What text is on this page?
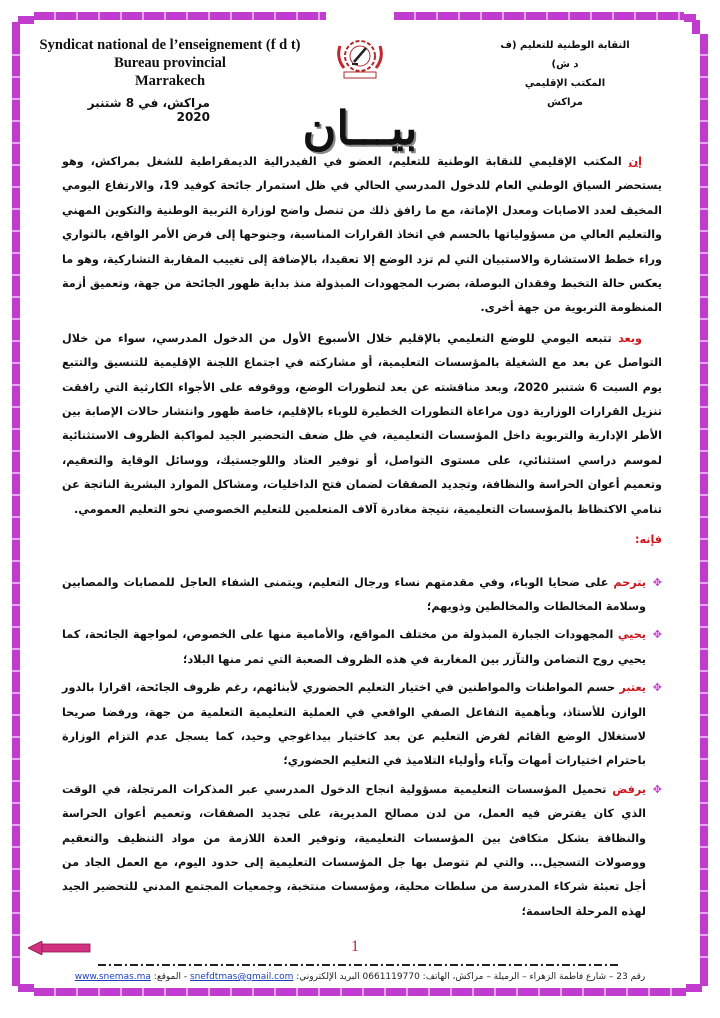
Syndicat national de l’enseignement (f d t)
Bureau provincial
Marrakech
مراكش، في 8 شتنبر 2020
النقابة الوطنية للتعليم (ف د ش)
المكتب الإقليمي
مراكش
بيـــان

إن المكتب الإقليمي للنقابة الوطنية للتعليم، العضو في الفيدرالية الديمقراطية للشغل بمراكش، وهو يستحضر السياق الوطني العام للدخول المدرسي الحالي في ظل استمرار جائحة كوفيد 19، والارتفاع اليومي المخيف لعدد الاصابات ومعدل الإماتة، مع ما رافق ذلك من تنصل واضح لوزارة التربية الوطنية والتكوين المهني والتعليم العالي من مسؤولياتها بالحسم في اتخاذ القرارات المناسبة، وجنوحها إلى فرض الأمر الواقع، بالتواري وراء خطط الاستشارة والاستبيان التي لم تزد الوضع إلا تعقيدا، بالإضافة إلى تغييب المقاربة التشاركية، وهو ما يعكس حالة التخبط وفقدان البوصلة، بضرب المجهودات المبذولة منذ بداية ظهور الجائحة من جهة، وتعميق أزمة المنظومة التربوية من جهة أخرى.

وبعد تتبعه اليومي للوضع التعليمي بالإقليم خلال الأسبوع الأول من الدخول المدرسي، سواء من خلال التواصل عن بعد مع الشغيلة بالمؤسسات التعليمية، أو مشاركته في اجتماع اللجنة الإقليمية للتنسيق والتتبع يوم السبت 6 شتنبر 2020، وبعد مناقشته عن بعد لتطورات الوضع، ووقوفه على الأجواء الكارثية التي رافقت تنزيل القرارات الوزارية دون مراعاة التطورات الخطيرة للوباء بالإقليم، خاصة ظهور وانتشار حالات الإصابة بين الأطر الإدارية والتربوية داخل المؤسسات التعليمية، في ظل ضعف التحضير الجيد لمواكبة الظروف الاستثنائية لموسم دراسي استثنائي، على مستوى التواصل، أو توفير العتاد واللوجستيك، ووسائل الوقاية والتعقيم، وتعميم أعوان الحراسة والنظافة، وتجديد الصفقات لضمان فتح الداخليات، ومشاكل الموارد البشرية الناتجة عن تنامي الاكتظاظ بالمؤسسات التعليمية، نتيجة مغادرة آلاف المتعلمين للتعليم الخصوصي نحو التعليم العمومي.

فإنه:

✥
يترحم على ضحايا الوباء، وفي مقدمتهم نساء ورجال التعليم، ويتمنى الشفاء العاجل للمصابات والمصابين وسلامة المخالطات والمخالطين وذويهم؛
✥
يحيي المجهودات الجبارة المبذولة من مختلف المواقع، والأمامية منها على الخصوص، لمواجهة الجائحة، كما يحيي روح التضامن والتآزر بين المغاربة في هذه الظروف الصعبة التي تمر منها البلاد؛
✥
يعتبر حسم المواطنات والمواطنين في اختيار التعليم الحضوري لأبنائهم، رغم ظروف الجائحة، اقرارا بالدور الوازن للأستاذ، وبأهمية التفاعل الصفي الواقعي في العملية التعليمية التعلمية من جهة، ورفضا صريحا لاستغلال الوضع القائم لفرض التعليم عن بعد كاختيار بيداغوجي وحيد، كما يسجل عدم التزام الوزارة باحترام اختيارات أمهات وآباء وأولياء التلاميذ في التعليم الحضوري؛
✥
يرفض تحميل المؤسسات التعليمية مسؤولية انجاح الدخول المدرسي عبر المذكرات المرتجلة، في الوقت الذي كان يفترض فيه العمل، من لدن مصالح المديرية، على تجديد الصفقات، وتعميم أعوان الحراسة والنظافة بشكل متكافئ بين المؤسسات التعليمية، وتوفير العدة اللازمة من مواد التنظيف والتعقيم ووصولات التسجيل... والتي لم تتوصل بها جل المؤسسات التعليمية إلى حدود اليوم، مع العمل الجاد من أجل تعبئة شركاء المدرسة من سلطات محلية، ومؤسسات منتخبة، وجمعيات المجتمع المدني للتحضير الجيد لهذه المرحلة الحاسمة؛
1
رقم 23 – شارع فاطمة الزهراء – الرميلة – مراكش، الهاتف: 0661119770 البريد الإلكتروني: snefdtmas@gmail.com - الموقع: www.snemas.ma
